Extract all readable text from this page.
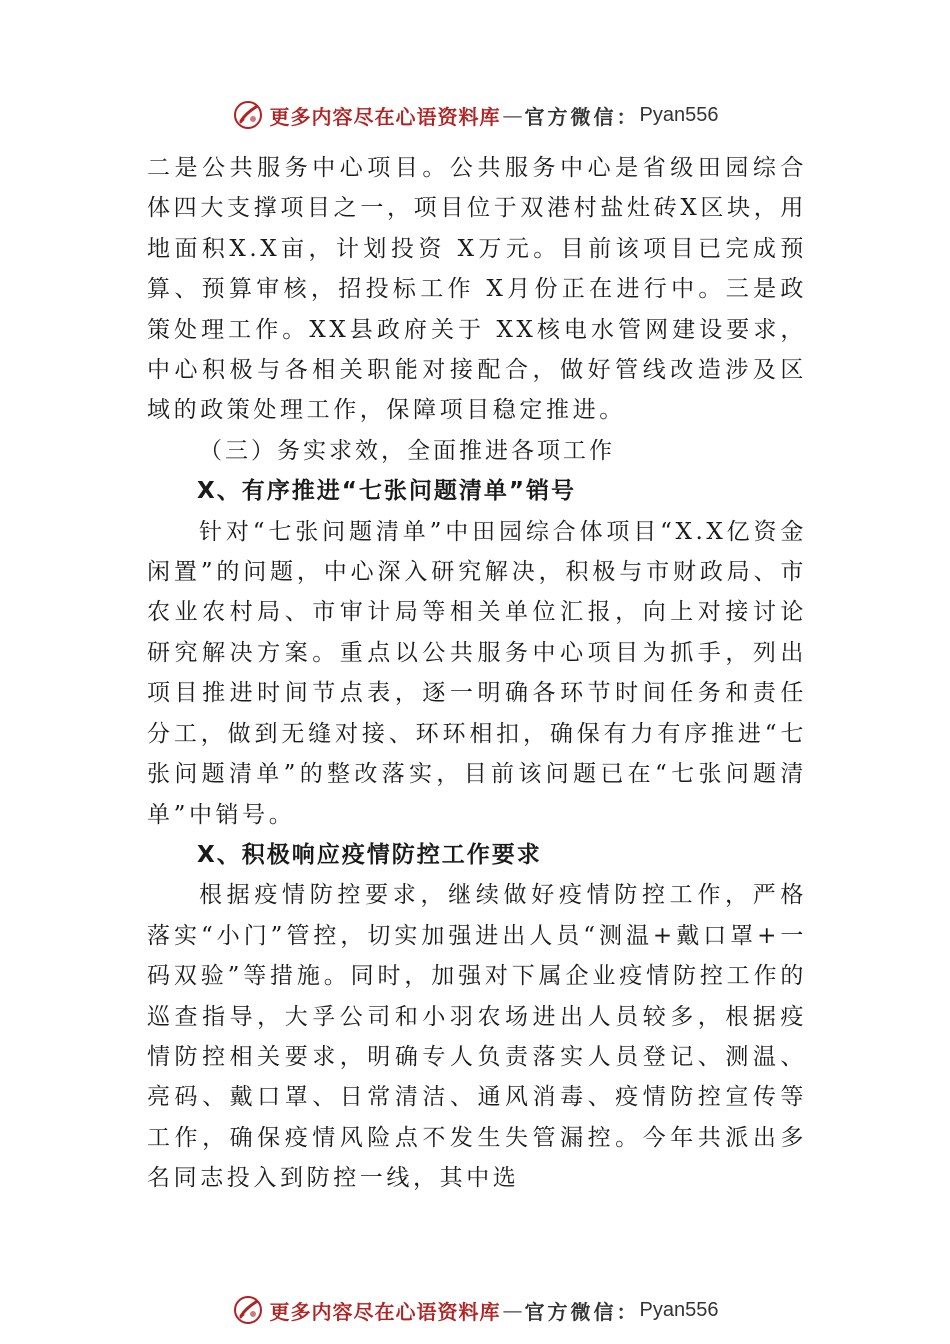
更多内容尽在心语资料库 — 官方微信： Pyan556

二是公共服务中心项目。公共服务中心是省级田园综合体四大支撑项目之一，项目位于双港村盐灶砖X区块，用地面积X.X亩，计划投资 X万元。目前该项目已完成预算、预算审核，招投标工作 X月份正在进行中。三是政策处理工作。XX县政府关于 XX核电水管网建设要求，中心积极与各相关职能对接配合，做好管线改造涉及区域的政策处理工作，保障项目稳定推进。

（三）务实求效，全面推进各项工作

X、有序推进“七张问题清单”销号

针对“七张问题清单”中田园综合体项目“X.X亿资金闲置”的问题，中心深入研究解决，积极与市财政局、市农业农村局、市审计局等相关单位汇报，向上对接讨论研究解决方案。重点以公共服务中心项目为抓手，列出项目推进时间节点表，逐一明确各环节时间任务和责任分工，做到无缝对接、环环相扣，确保有力有序推进“七张问题清单”的整改落实，目前该问题已在“七张问题清单”中销号。

X、积极响应疫情防控工作要求

根据疫情防控要求，继续做好疫情防控工作，严格落实“小门”管控，切实加强进出人员“测温+戴口罩+一码双验”等措施。同时，加强对下属企业疫情防控工作的巡查指导，大孚公司和小羽农场进出人员较多，根据疫情防控相关要求，明确专人负责落实人员登记、测温、亮码、戴口罩、日常清洁、通风消毒、疫情防控宣传等工作，确保疫情风险点不发生失管漏控。今年共派出多名同志投入到防控一线，其中选

更多内容尽在心语资料库 — 官方微信： Pyan556
